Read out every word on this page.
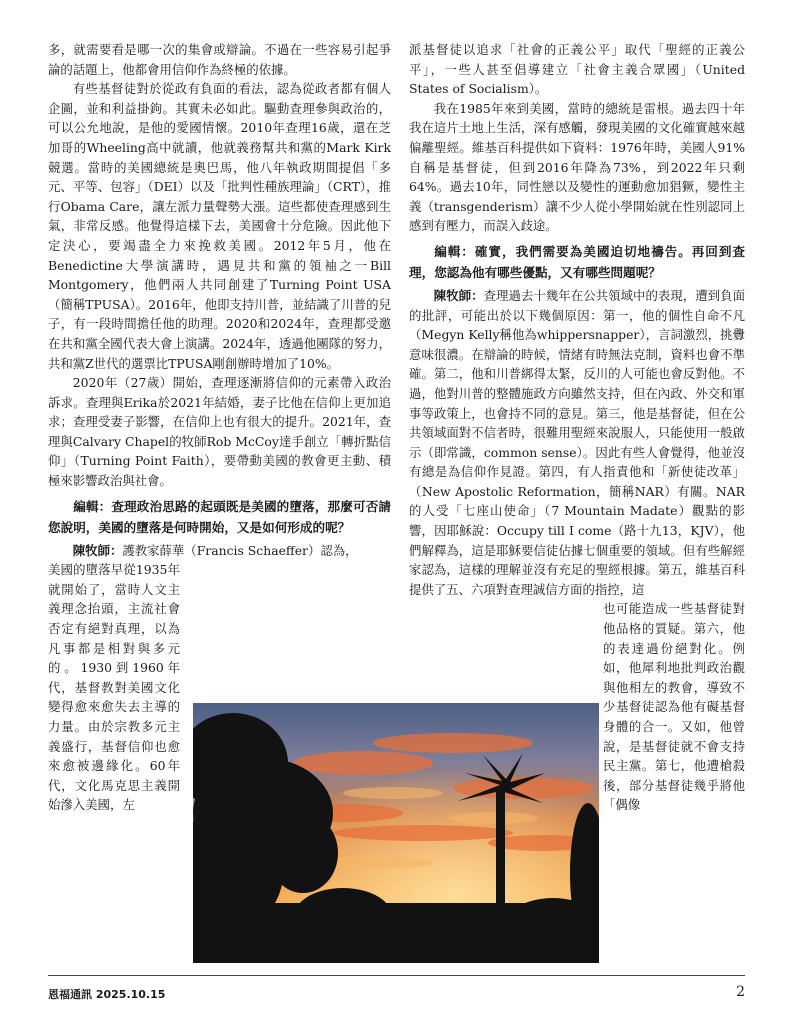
多，就需要看是哪一次的集會或辯論。不過在一些容易引起爭論的話題上，他都會用信仰作為終極的依據。

有些基督徒對於從政有負面的看法，認為從政者都有個人企圖，並和利益掛鉤。其實未必如此。驅動查理參與政治的，可以公允地說，是他的愛國情懷。2010年查理16歲，還在芝加哥的Wheeling高中就讀，他就義務幫共和黨的Mark Kirk競選。當時的美國總統是奧巴馬，他八年執政期間提倡「多元、平等、包容」（DEI）以及「批判性種族理論」（CRT），推行Obama Care，讓左派力量聲勢大漲。這些都使查理感到生氣，非常反感。他覺得這樣下去，美國會十分危險。因此他下定決心，要竭盡全力來挽救美國。2012年5月，他在Benedictine大學演講時，遇見共和黨的領袖之一Bill Montgomery，他們兩人共同創建了Turning Point USA（簡稱TPUSA）。2016年，他即支持川普，並結識了川普的兒子，有一段時間擔任他的助理。2020和2024年，查理都受邀在共和黨全國代表大會上演講。2024年，透過他團隊的努力，共和黨Z世代的選票比TPUSA剛創辦時增加了10%。

2020年（27歲）開始，查理逐漸將信仰的元素帶入政治訴求。查理與Erika於2021年結婚，妻子比他在信仰上更加追求；查理受妻子影響，在信仰上也有很大的提升。2021年，查理與Calvary Chapel的牧師Rob McCoy達手創立「轉折點信仰」（Turning Point Faith），要帶動美國的教會更主動、積極來影響政治與社會。

編輯：查理政治思路的起頭既是美國的墮落，那麼可否請您說明，美國的墮落是何時開始，又是如何形成的呢？

陳牧師：護教家薛華（Francis Schaeffer）認為，

美國的墮落早從1935年就開始了，當時人文主義理念抬頭，主流社會否定有絕對真理，以為凡事都是相對與多元的。1930到1960年代，基督教對美國文化變得愈來愈失去主導的力量。由於宗教多元主義盛行，基督信仰也愈來愈被邊緣化。60年代，文化馬克思主義開始滲入美國，左

派基督徒以追求「社會的正義公平」取代「聖經的正義公平」，一些人甚至倡導建立「社會主義合眾國」（United States of Socialism）。

我在1985年來到美國，當時的總統是雷根。過去四十年我在這片土地上生活，深有感觸，發現美國的文化確實越來越偏離聖經。維基百科提供如下資料：1976年時，美國人91%自稱是基督徒，但到2016年降為73%，到2022年只剩64%。過去10年，同性戀以及變性的運動愈加猖獗，變性主義（transgenderism）讓不少人從小學開始就在性別認同上感到有壓力，而誤入歧途。

編輯：確實，我們需要為美國迫切地禱告。再回到查理，您認為他有哪些優點，又有哪些問題呢？

陳牧師：查理過去十幾年在公共領域中的表現，遭到負面的批評，可能出於以下幾個原因：第一，他的個性自命不凡（Megyn Kelly稱他為whippersnapper），言詞激烈，挑釁意味很濃。在辯論的時候，情緒有時無法克制，資料也會不準確。第二，他和川普綁得太緊，反川的人可能也會反對他。不過，他對川普的整體施政方向雖然支持，但在內政、外交和軍事等政策上，也會持不同的意見。第三，他是基督徒，但在公共領域面對不信者時，很難用聖經來說服人，只能使用一般啟示（即常識，common sense）。因此有些人會覺得，他並沒有總是為信仰作見證。第四，有人指責他和「新使徒改革」（New Apostolic Reformation，簡稱NAR）有關。NAR的人受「七座山使命」（7 Mountain Madate）觀點的影響，因耶穌說：Occupy till I come（路十九13，KJV），他們解釋為，這是耶穌要信徒佔據七個重要的領域。但有些解經家認為，這樣的理解並沒有充足的聖經根據。第五，維基百科提供了五、六項對查理誠信方面的指控，這

也可能造成一些基督徒對他品格的質疑。第六，他的表達過份絕對化。例如，他犀利地批判政治觀與他相左的教會，導致不少基督徒認為他有礙基督身體的合一。又如，他曾說，是基督徒就不會支持民主黨。第七，他遭槍殺後，部分基督徒幾乎將他「偶像

恩福通訊 2025.10.15	2
